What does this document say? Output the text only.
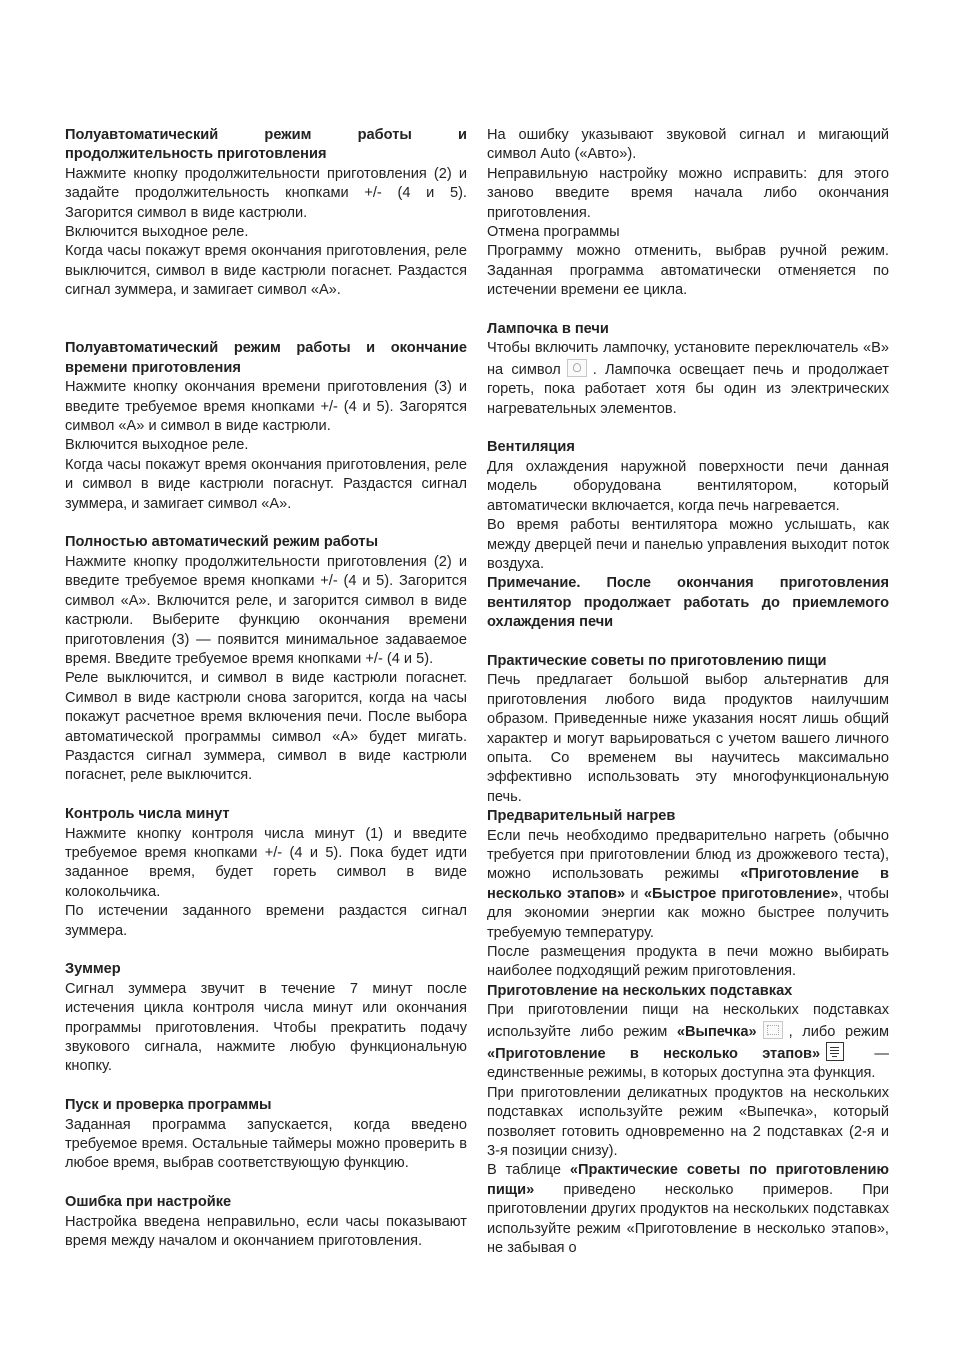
Полуавтоматический режим работы и продолжительность приготовления

Нажмите кнопку продолжительности приготовления (2) и задайте продолжительность кнопками +/- (4 и 5). Загорится символ в виде кастрюли.

Включится выходное реле.

Когда часы покажут время окончания приготовления, реле выключится, символ в виде кастрюли погаснет. Раздастся сигнал зуммера, и замигает символ «А».

Полуавтоматический режим работы и окончание времени приготовления

Нажмите кнопку окончания времени приготовления (3) и введите требуемое время кнопками +/- (4 и 5). Загорятся символ «А» и символ в виде кастрюли.

Включится выходное реле.

Когда часы покажут время окончания приготовления, реле и символ в виде кастрюли погаснут. Раздастся сигнал зуммера, и замигает символ «А».

Полностью автоматический режим работы

Нажмите кнопку продолжительности приготовления (2) и введите требуемое время кнопками +/- (4 и 5). Загорится символ «А». Включится реле, и загорится символ в виде кастрюли. Выберите функцию окончания времени приготовления (3) — появится минимальное задаваемое время. Введите требуемое время кнопками +/- (4 и 5).

Реле выключится, и символ в виде кастрюли погаснет. Символ в виде кастрюли снова загорится, когда на часы покажут расчетное время включения печи. После выбора автоматической программы символ «А» будет мигать. Раздастся сигнал зуммера, символ в виде кастрюли погаснет, реле выключится.

Контроль числа минут

Нажмите кнопку контроля числа минут (1) и введите требуемое время кнопками +/- (4 и 5). Пока будет идти заданное время, будет гореть символ в виде колокольчика.

По истечении заданного времени раздастся сигнал зуммера.

Зуммер

Сигнал зуммера звучит в течение 7 минут после истечения цикла контроля числа минут или окончания программы приготовления. Чтобы прекратить подачу звукового сигнала, нажмите любую функциональную кнопку.

Пуск и проверка программы

Заданная программа запускается, когда введено требуемое время. Остальные таймеры можно проверить в любое время, выбрав соответствующую функцию.

Ошибка при настройке

Настройка введена неправильно, если часы показывают время между началом и окончанием приготовления.

На ошибку указывают звуковой сигнал и мигающий символ Auto («Авто»).

Неправильную настройку можно исправить: для этого заново введите время начала либо окончания приготовления.

Отмена программы

Программу можно отменить, выбрав ручной режим. Заданная программа автоматически отменяется по истечении времени ее цикла.

Лампочка в печи

Чтобы включить лампочку, установите переключатель «B» на символ . Лампочка освещает печь и продолжает гореть, пока работает хотя бы один из электрических нагревательных элементов.

Вентиляция

Для охлаждения наружной поверхности печи данная модель оборудована вентилятором, который автоматически включается, когда печь нагревается.

Во время работы вентилятора можно услышать, как между дверцей печи и панелью управления выходит поток воздуха.

Примечание. После окончания приготовления вентилятор продолжает работать до приемлемого охлаждения печи

Практические советы по приготовлению пищи

Печь предлагает большой выбор альтернатив для приготовления любого вида продуктов наилучшим образом. Приведенные ниже указания носят лишь общий характер и могут варьироваться с учетом вашего личного опыта. Со временем вы научитесь максимально эффективно использовать эту многофункциональную печь.

Предварительный нагрев

Если печь необходимо предварительно нагреть (обычно требуется при приготовлении блюд из дрожжевого теста), можно использовать режимы «Приготовление в несколько этапов» и «Быстрое приготовление», чтобы для экономии энергии как можно быстрее получить требуемую температуру.

После размещения продукта в печи можно выбирать наиболее подходящий режим приготовления.

Приготовление на нескольких подставках

При приготовлении пищи на нескольких подставках используйте либо режим «Выпечка» , либо режим «Приготовление в несколько этапов» — единственные режимы, в которых доступна эта функция.

При приготовлении деликатных продуктов на нескольких подставках используйте режим «Выпечка», который позволяет готовить одновременно на 2 подставках (2-я и 3-я позиции снизу).

В таблице «Практические советы по приготовлению пищи» приведено несколько примеров. При приготовлении других продуктов на нескольких подставках используйте режим «Приготовление в несколько этапов», не забывая о
